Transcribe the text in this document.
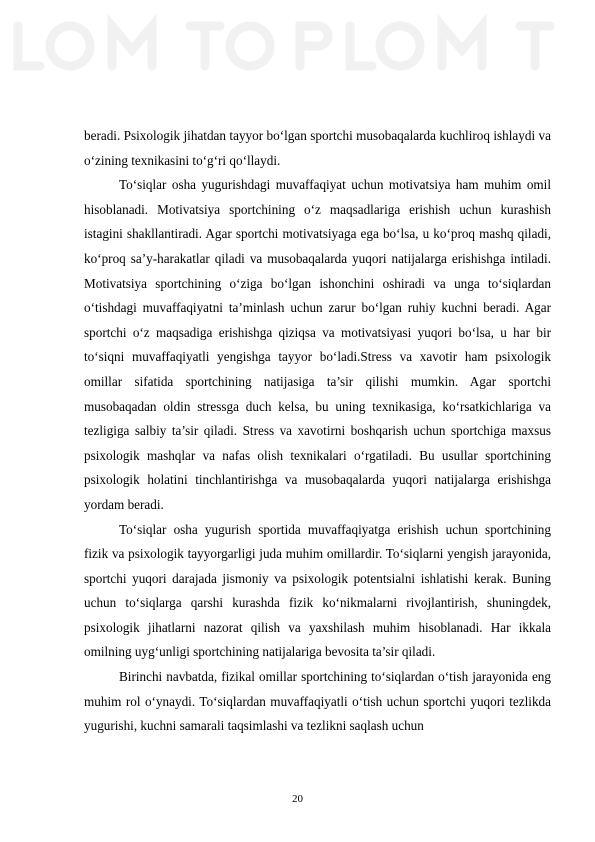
beradi. Psixologik jihatdan tayyor bo‘lgan sportchi musobaqalarda kuchliroq ishlaydi va o‘zining texnikasini to‘g‘ri qo‘llaydi.

To‘siqlar osha yugurishdagi muvaffaqiyat uchun motivatsiya ham muhim omil hisoblanadi. Motivatsiya sportchining o‘z maqsadlariga erishish uchun kurashish istagini shakllantiradi. Agar sportchi motivatsiyaga ega bo‘lsa, u ko‘proq mashq qiladi, ko‘proq sa’y-harakatlar qiladi va musobaqalarda yuqori natijalarga erishishga intiladi. Motivatsiya sportchining o‘ziga bo‘lgan ishonchini oshiradi va unga to‘siqlardan o‘tishdagi muvaffaqiyatni ta’minlash uchun zarur bo‘lgan ruhiy kuchni beradi. Agar sportchi o‘z maqsadiga erishishga qiziqsa va motivatsiyasi yuqori bo‘lsa, u har bir to‘siqni muvaffaqiyatli yengishga tayyor bo‘ladi.Stress va xavotir ham psixologik omillar sifatida sportchining natijasiga ta’sir qilishi mumkin. Agar sportchi musobaqadan oldin stressga duch kelsa, bu uning texnikasiga, ko‘rsatkichlariga va tezligiga salbiy ta’sir qiladi. Stress va xavotirni boshqarish uchun sportchiga maxsus psixologik mashqlar va nafas olish texnikalari o‘rgatiladi. Bu usullar sportchining psixologik holatini tinchlantirishga va musobaqalarda yuqori natijalarga erishishga yordam beradi.

To‘siqlar osha yugurish sportida muvaffaqiyatga erishish uchun sportchining fizik va psixologik tayyorgarligi juda muhim omillardir. To‘siqlarni yengish jarayonida, sportchi yuqori darajada jismoniy va psixologik potentsialni ishlatishi kerak. Buning uchun to‘siqlarga qarshi kurashda fizik ko‘nikmalarni rivojlantirish, shuningdek, psixologik jihatlarni nazorat qilish va yaxshilash muhim hisoblanadi. Har ikkala omilning uyg‘unligi sportchining natijalariga bevosita ta’sir qiladi.

Birinchi navbatda, fizikal omillar sportchining to‘siqlardan o‘tish jarayonida eng muhim rol o‘ynaydi. To‘siqlardan muvaffaqiyatli o‘tish uchun sportchi yuqori tezlikda yugurishi, kuchni samarali taqsimlashi va tezlikni saqlash uchun

20
